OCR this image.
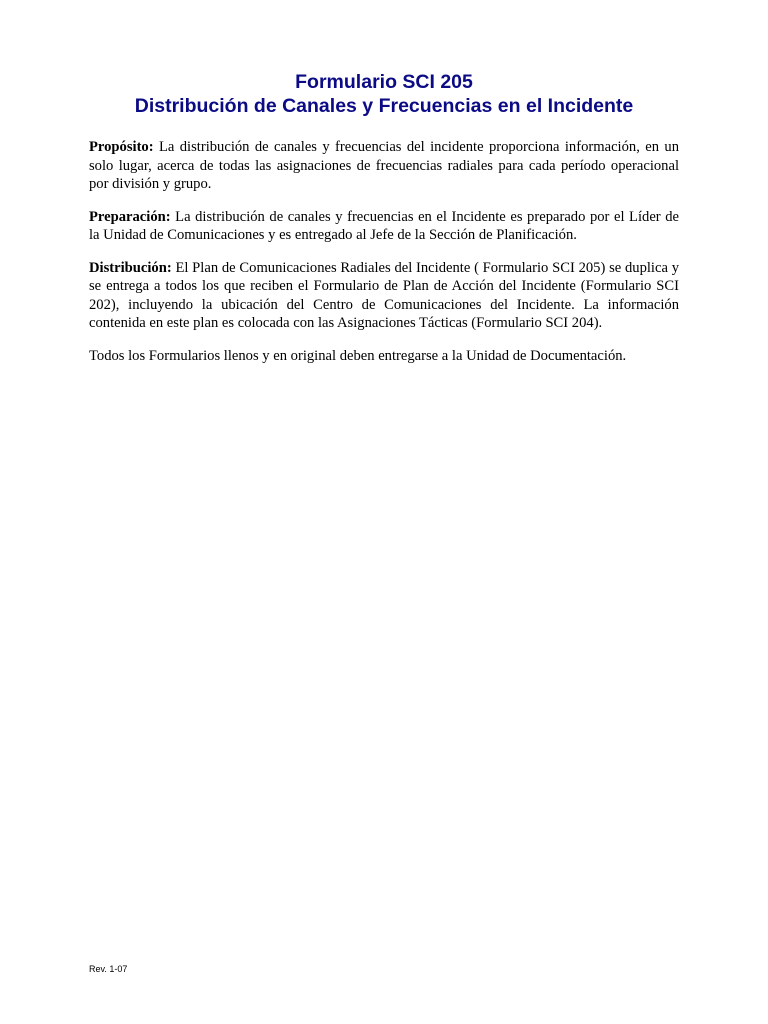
Formulario SCI 205
Distribución de Canales y Frecuencias en el Incidente

Propósito: La distribución de canales y frecuencias del incidente proporciona información, en un solo lugar, acerca de todas las asignaciones de frecuencias radiales para cada período operacional por división y grupo.

Preparación: La distribución de canales y frecuencias en el Incidente es preparado por el Líder de la Unidad de Comunicaciones y es entregado al Jefe de la Sección de Planificación.

Distribución: El Plan de Comunicaciones Radiales del Incidente ( Formulario SCI 205) se duplica y se entrega a todos los que reciben el Formulario de Plan de Acción del Incidente (Formulario SCI 202), incluyendo la ubicación del Centro de Comunicaciones del Incidente. La información contenida en este plan es colocada con las Asignaciones Tácticas (Formulario SCI 204).

Todos los Formularios llenos y en original deben entregarse a la Unidad de Documentación.

Rev. 1-07
